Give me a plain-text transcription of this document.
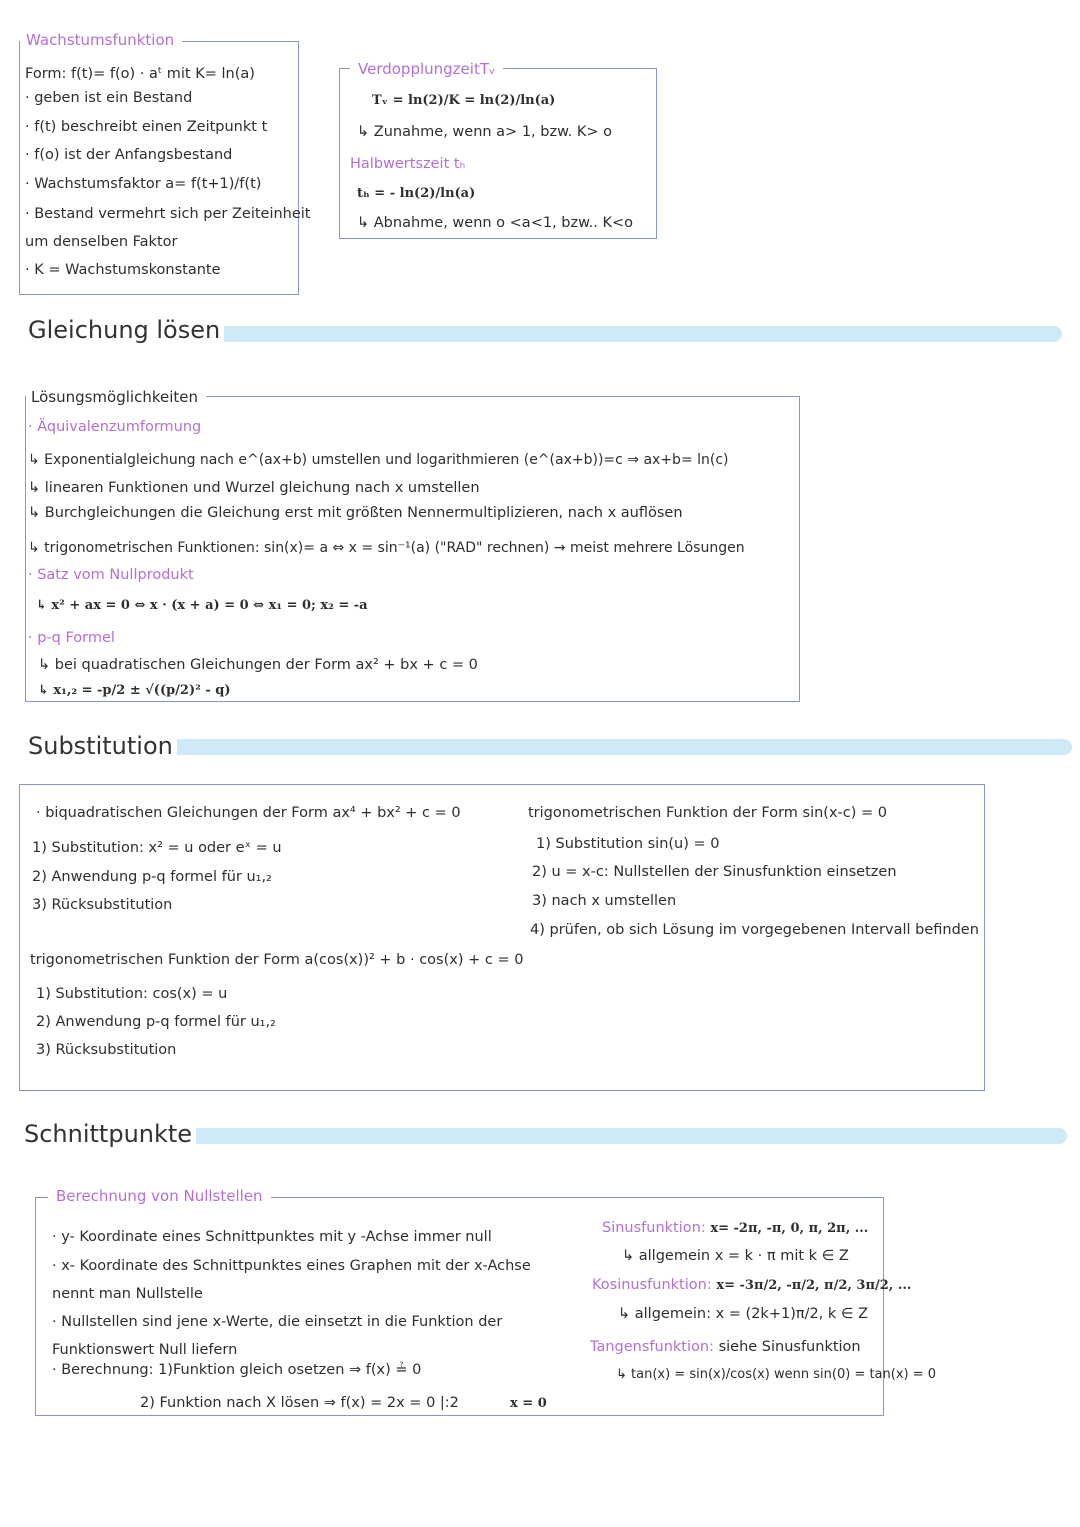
Wachstumsfunktion
Form: f(t)= f(o) · aᵗ mit K= ln(a)
· geben ist ein Bestand
· f(t) beschreibt einen Zeitpunkt t
· f(o) ist der Anfangsbestand
· Wachstumsfaktor a= f(t+1)/f(t)
· Bestand vermehrt sich per Zeiteinheit
um denselben Faktor
· K = Wachstumskonstante
VerdopplungzeitTᵥ
Tᵥ = ln(2)/K = ln(2)/ln(a)
↳ Zunahme, wenn a> 1, bzw. K> o
Halbwertszeit tₕ
tₕ = - ln(2)/ln(a)
↳ Abnahme, wenn o <a<1, bzw.. K<o
Gleichung lösen
Lösungsmöglichkeiten
· Äquivalenzumformung
↳ Exponentialgleichung nach e^(ax+b) umstellen und logarithmieren (e^(ax+b))=c ⇒ ax+b= ln(c)
↳ linearen Funktionen und Wurzel gleichung nach x umstellen
↳ Burchgleichungen die Gleichung erst mit größten Nennermultiplizieren, nach x auflösen
↳ trigonometrischen Funktionen: sin(x)= a ⇔ x = sin⁻¹(a) ("RAD" rechnen) → meist mehrere Lösungen
· Satz vom Nullprodukt
↳ x² + ax = 0 ⇔ x · (x + a) = 0 ⇔ x₁ = 0; x₂ = -a
· p-q Formel
↳ bei quadratischen Gleichungen der Form ax² + bx + c = 0
↳ x₁,₂ = -p/2 ± √((p/2)² - q)
Substitution
· biquadratischen Gleichungen der Form ax⁴ + bx² + c = 0
1) Substitution: x² = u oder eˣ = u
2) Anwendung p-q formel für u₁,₂
3) Rücksubstitution
trigonometrischen Funktion der Form a(cos(x))² + b · cos(x) + c = 0
1) Substitution: cos(x) = u
2) Anwendung p-q formel für u₁,₂
3) Rücksubstitution
trigonometrischen Funktion der Form sin(x-c) = 0
1) Substitution sin(u) = 0
2) u = x-c: Nullstellen der Sinusfunktion einsetzen
3) nach x umstellen
4) prüfen, ob sich Lösung im vorgegebenen Intervall befinden
Schnittpunkte
Berechnung von Nullstellen
· y- Koordinate eines Schnittpunktes mit y -Achse immer null
· x- Koordinate des Schnittpunktes eines Graphen mit der x-Achse
nennt man Nullstelle
· Nullstellen sind jene x-Werte, die einsetzt in die Funktion der
Funktionswert Null liefern
· Berechnung: 1)Funktion gleich osetzen ⇒ f(x) ≟ 0
2) Funktion nach X lösen ⇒ f(x) = 2x = 0 |:2	x = 0
Sinusfunktion: x= -2π, -π, 0, π, 2π, ...
↳ allgemein x = k · π mit k ∈ Z
Kosinusfunktion: x= -3π/2, -π/2, π/2, 3π/2, ...
↳ allgemein: x = (2k+1)π/2, k ∈ Z
Tangensfunktion: siehe Sinusfunktion
↳ tan(x) = sin(x)/cos(x) wenn sin(0) = tan(x) = 0
